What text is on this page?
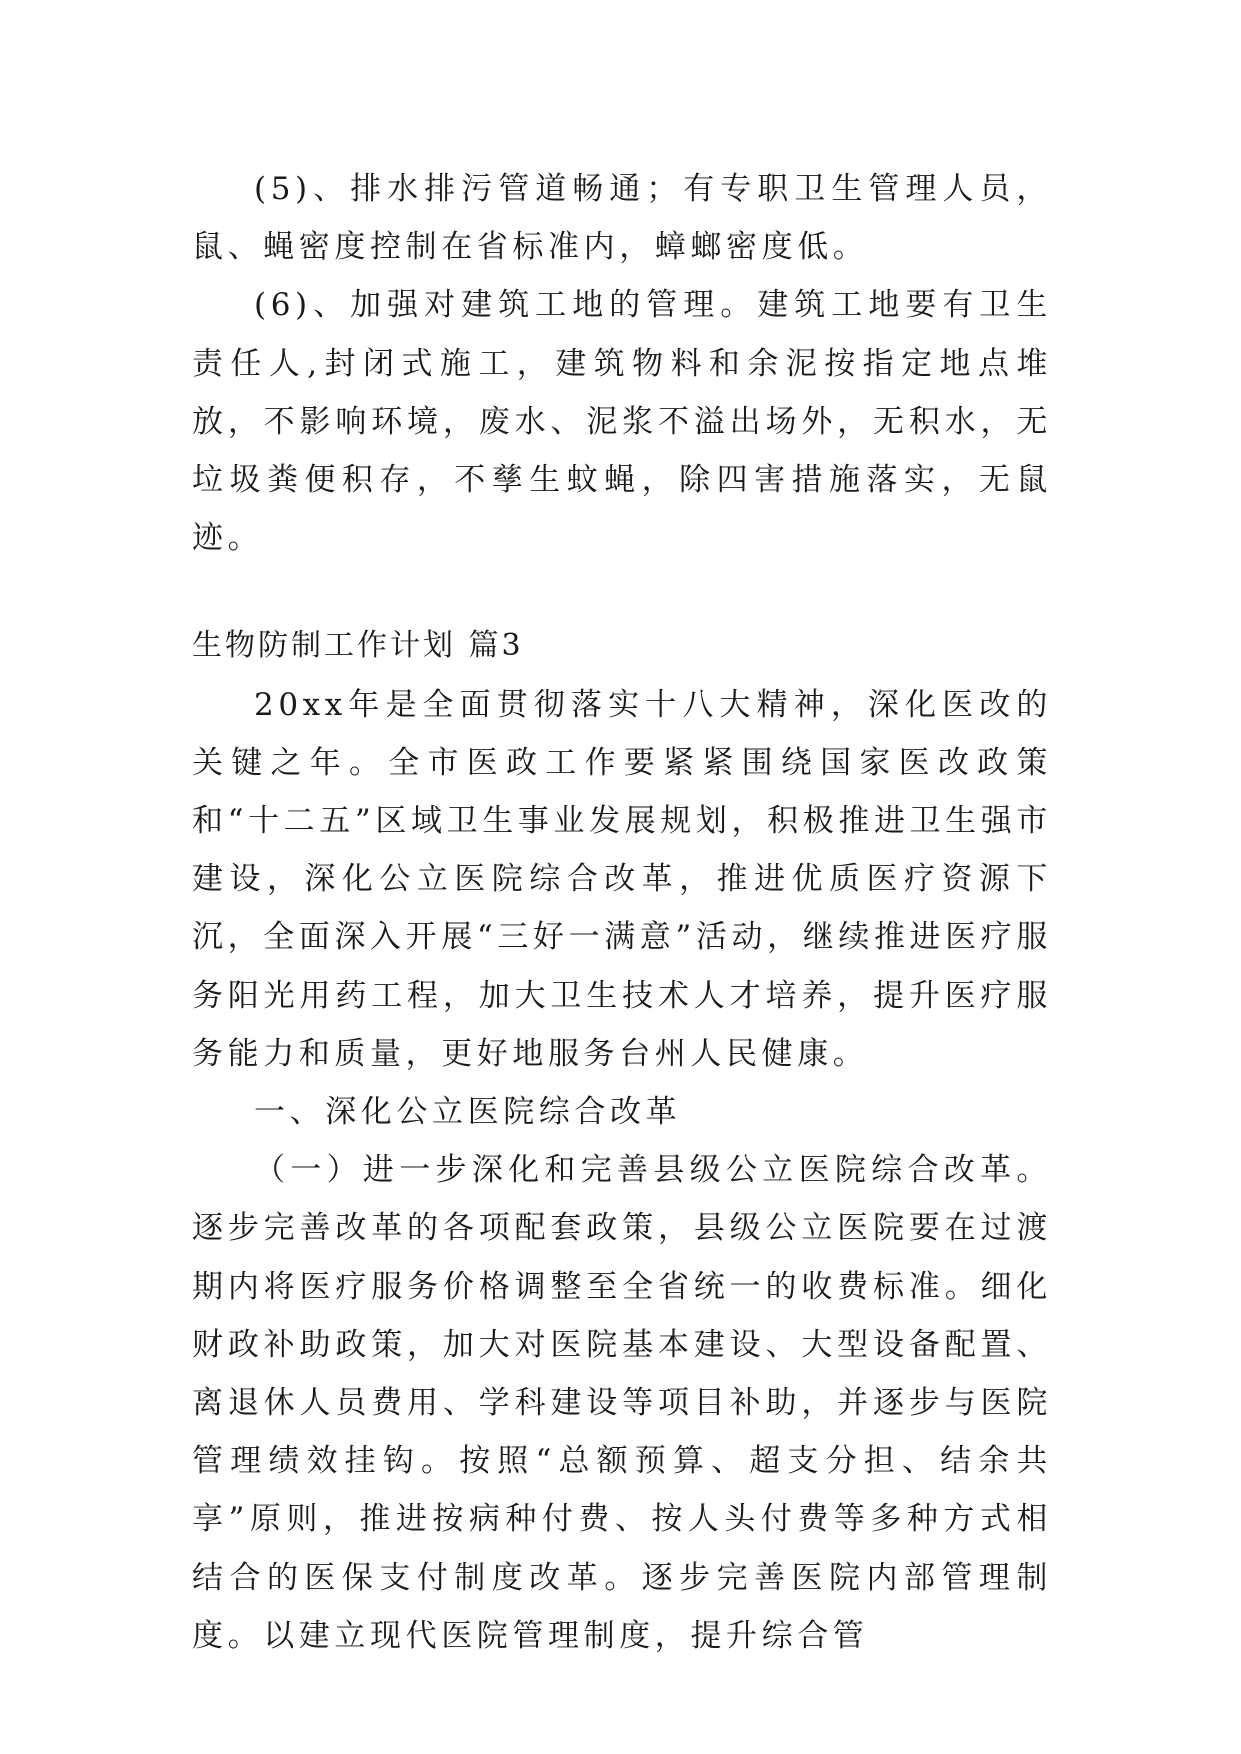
(5)、排水排污管道畅通；有专职卫生管理人员，鼠、蝇密度控制在省标准内，蟑螂密度低。

(6)、加强对建筑工地的管理。建筑工地要有卫生责任人,封闭式施工，建筑物料和余泥按指定地点堆放，不影响环境，废水、泥浆不溢出场外，无积水，无垃圾粪便积存，不孳生蚊蝇，除四害措施落实，无鼠迹。

生物防制工作计划 篇3

20xx年是全面贯彻落实十八大精神，深化医改的关键之年。全市医政工作要紧紧围绕国家医改政策和“十二五”区域卫生事业发展规划，积极推进卫生强市建设，深化公立医院综合改革，推进优质医疗资源下沉，全面深入开展“三好一满意”活动，继续推进医疗服务阳光用药工程，加大卫生技术人才培养，提升医疗服务能力和质量，更好地服务台州人民健康。

一、深化公立医院综合改革

（一）进一步深化和完善县级公立医院综合改革。逐步完善改革的各项配套政策，县级公立医院要在过渡期内将医疗服务价格调整至全省统一的收费标准。细化财政补助政策，加大对医院基本建设、大型设备配置、离退休人员费用、学科建设等项目补助，并逐步与医院管理绩效挂钩。按照“总额预算、超支分担、结余共享”原则，推进按病种付费、按人头付费等多种方式相结合的医保支付制度改革。逐步完善医院内部管理制度。以建立现代医院管理制度，提升综合管
